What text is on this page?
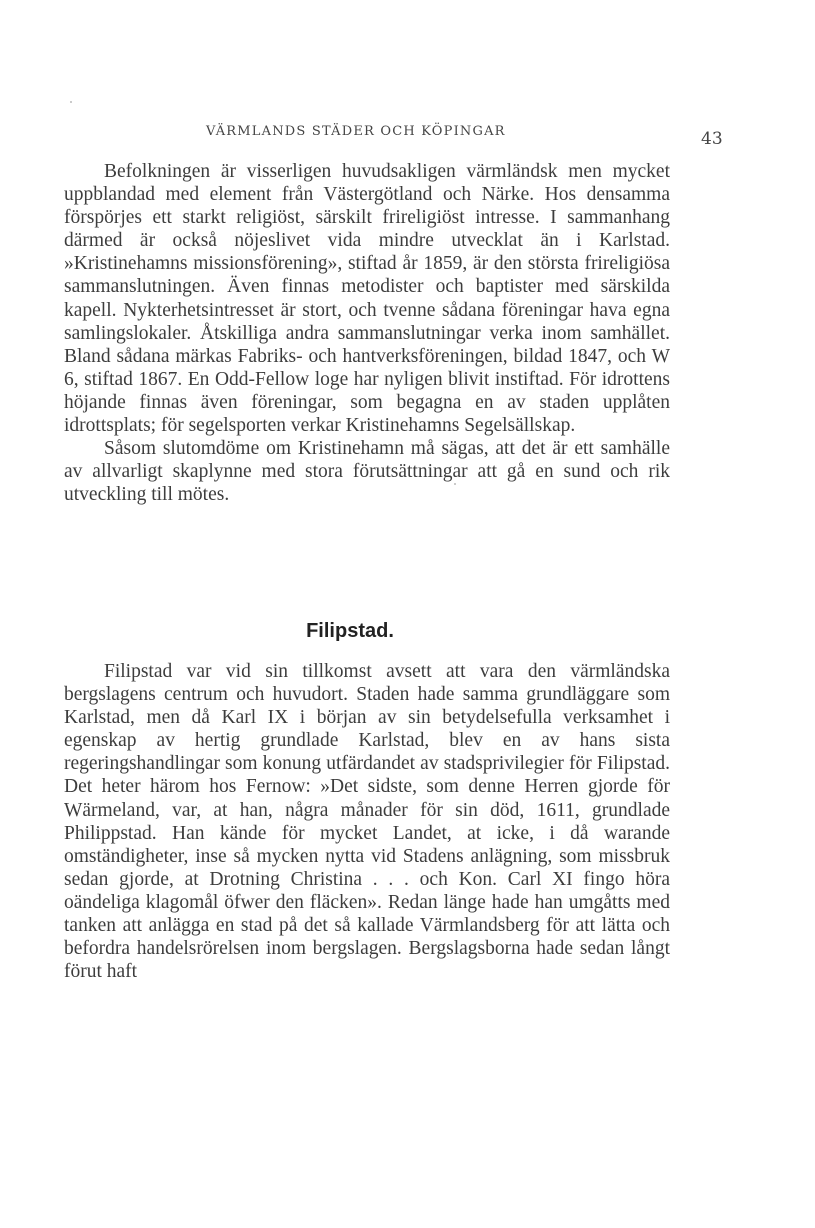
VÄRMLANDS STÄDER OCH KÖPINGAR	43

Befolkningen är visserligen huvudsakligen värmländsk men mycket uppblandad med element från Västergötland och Närke. Hos densamma förspörjes ett starkt religiöst, särskilt frireligiöst intresse. I sammanhang därmed är också nöjeslivet vida mindre utvecklat än i Karlstad. »Kristinehamns missionsförening», stiftad år 1859, är den största frireligiösa sammanslutningen. Även finnas metodister och baptister med särskilda kapell. Nykterhetsintresset är stort, och tvenne sådana föreningar hava egna samlingslokaler. Åtskilliga andra sammanslutningar verka inom samhället. Bland sådana märkas Fabriks- och hantverksföreningen, bildad 1847, och W 6, stiftad 1867. En Odd-Fellow loge har nyligen blivit instiftad. För idrottens höjande finnas även föreningar, som begagna en av staden upplåten idrottsplats; för segelsporten verkar Kristinehamns Segelsällskap.

Såsom slutomdöme om Kristinehamn må sägas, att det är ett samhälle av allvarligt skaplynne med stora förutsättningar att gå en sund och rik utveckling till mötes.

Filipstad.

Filipstad var vid sin tillkomst avsett att vara den värmländska bergslagens centrum och huvudort. Staden hade samma grundläggare som Karlstad, men då Karl IX i början av sin betydelsefulla verksamhet i egenskap av hertig grundlade Karlstad, blev en av hans sista regeringshandlingar som konung utfärdandet av stadsprivilegier för Filipstad. Det heter härom hos Fernow: »Det sidste, som denne Herren gjorde för Wärmeland, var, at han, några månader för sin död, 1611, grundlade Philippstad. Han kände för mycket Landet, at icke, i då warande omständigheter, inse så mycken nytta vid Stadens anlägning, som missbruk sedan gjorde, at Drotning Christina . . . och Kon. Carl XI fingo höra oändeliga klagomål öfwer den fläcken». Redan länge hade han umgåtts med tanken att anlägga en stad på det så kallade Värmlandsberg för att lätta och befordra handelsrörelsen inom bergslagen. Bergslagsborna hade sedan långt förut haft
